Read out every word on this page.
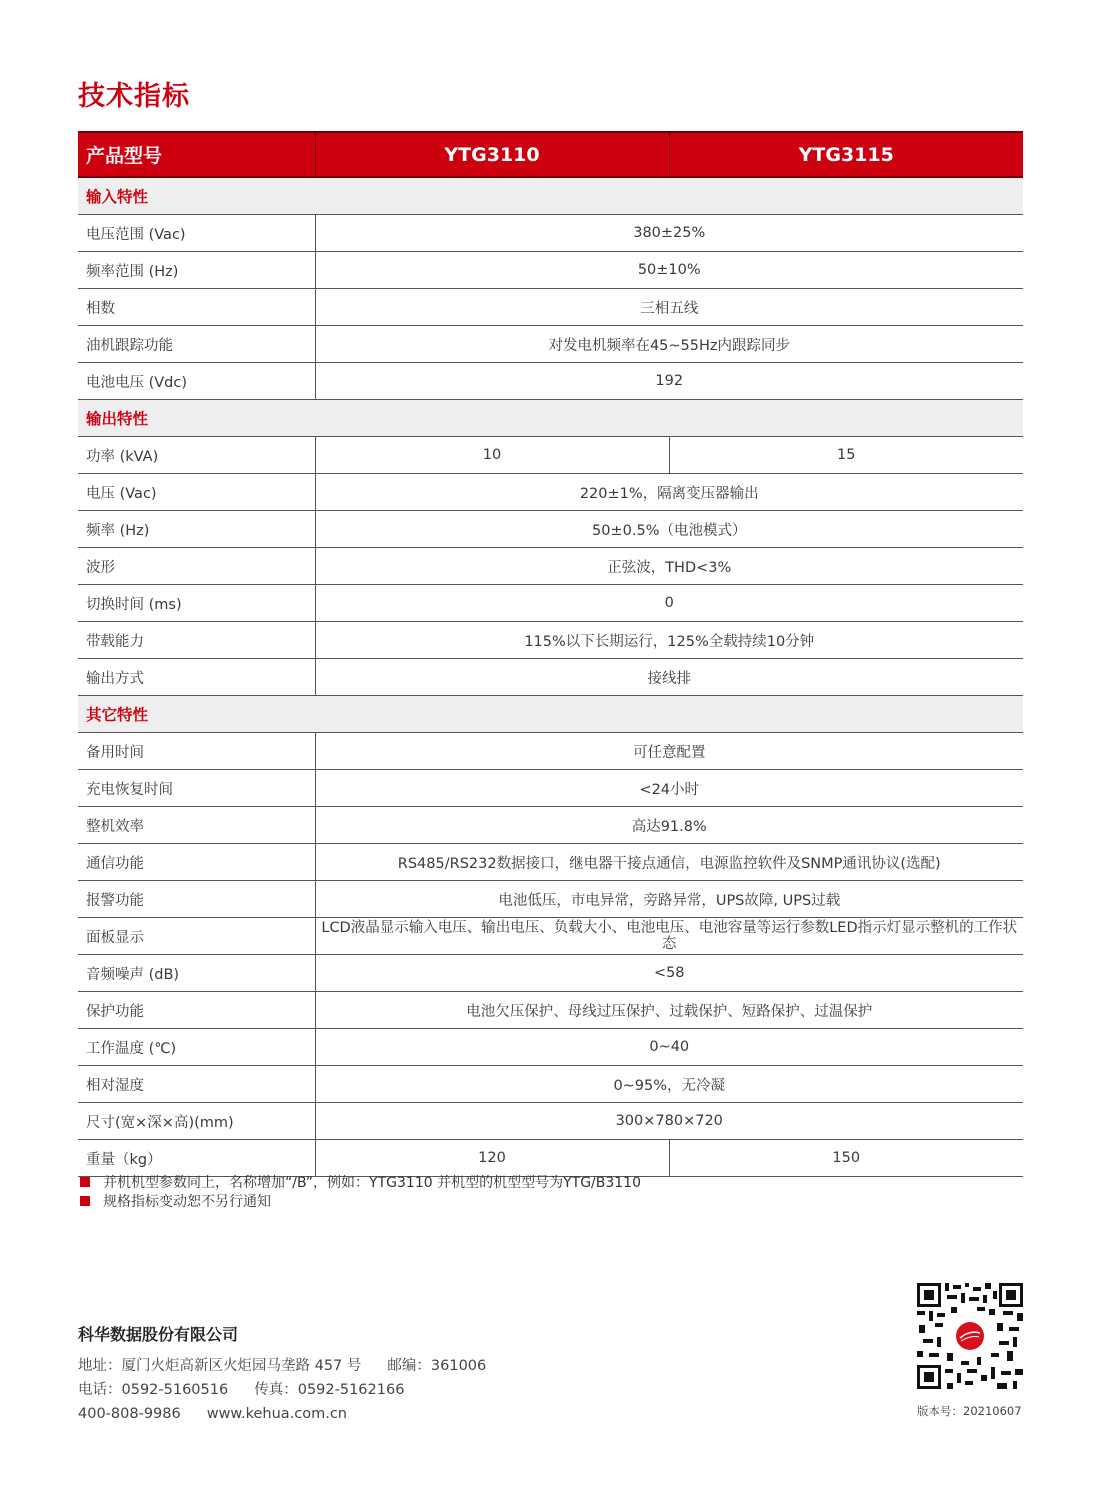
技术指标
产品型号	YTG3110	YTG3115
输入特性		
电压范围 (Vac)	380±25%	
频率范围 (Hz)	50±10%	
相数	三相五线	
油机跟踪功能	对发电机频率在45~55Hz内跟踪同步	
电池电压 (Vdc)	192	
输出特性		
功率 (kVA)	10	15
电压 (Vac)	220±1%，隔离变压器输出	
频率 (Hz)	50±0.5%（电池模式）	
波形	正弦波，THD<3%	
切换时间 (ms)	0	
带载能力	115%以下长期运行，125%全载持续10分钟	
输出方式	接线排	
其它特性		
备用时间	可任意配置	
充电恢复时间	<24小时	
整机效率	高达91.8%	
通信功能	RS485/RS232数据接口，继电器干接点通信，电源监控软件及SNMP通讯协议(选配)	
报警功能	电池低压，市电异常，旁路异常，UPS故障, UPS过载	
面板显示	LCD液晶显示输入电压、输出电压、负载大小、电池电压、电池容量等运行参数LED指示灯显示整机的工作状态	
音频噪声 (dB)	<58	
保护功能	电池欠压保护、母线过压保护、过载保护、短路保护、过温保护	
工作温度 (℃)	0~40	
相对湿度	0~95%，无冷凝	
尺寸(宽×深×高)(mm)	300×780×720	
重量（kg）	120	150
并机机型参数同上，名称增加“/B”，例如：YTG3110 并机型的机型型号为YTG/B3110
规格指标变动恕不另行通知
科华数据股份有限公司
地址：厦门火炬高新区火炬园马垄路 457 号 邮编：361006
电话：0592-5160516 传真：0592-5162166
400-808-9986 www.kehua.com.cn	版本号：20210607
